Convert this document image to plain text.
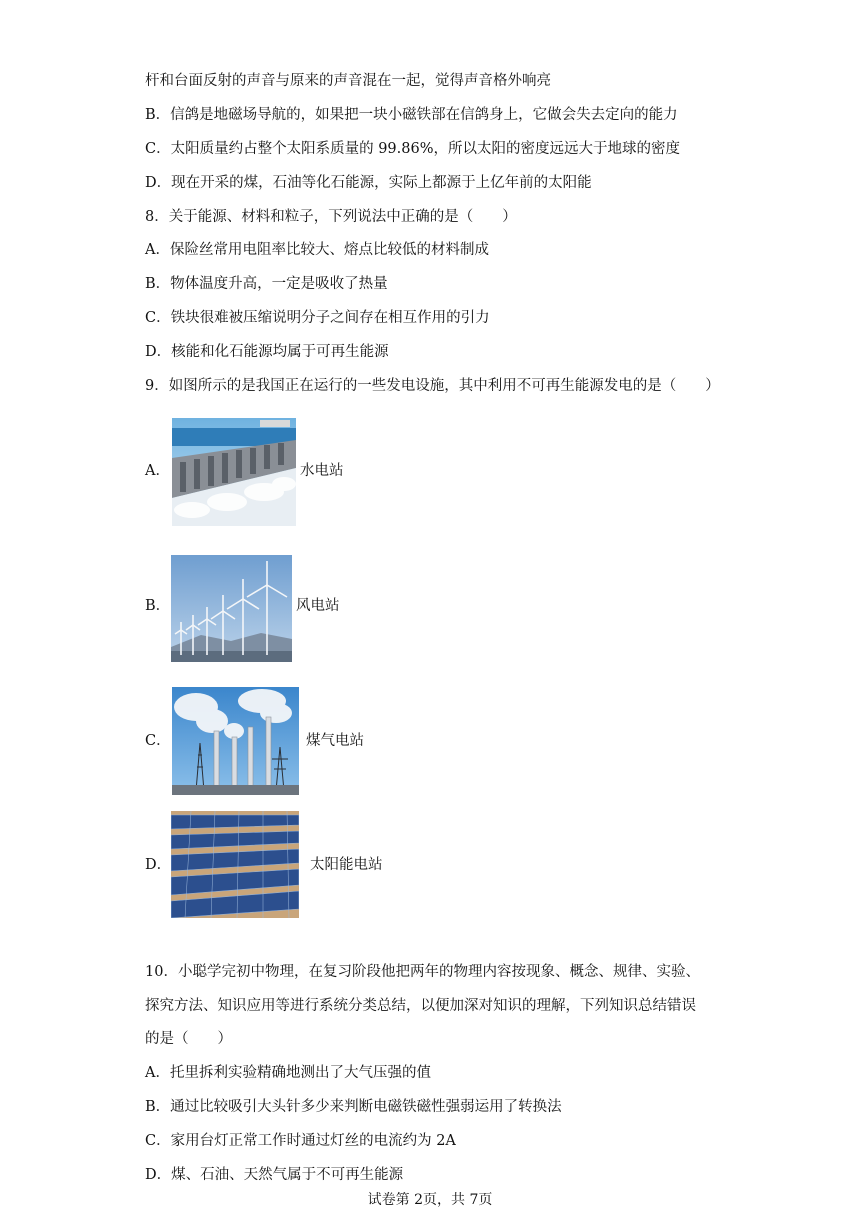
杆和台面反射的声音与原来的声音混在一起，觉得声音格外响亮
B．信鸽是地磁场导航的，如果把一块小磁铁部在信鸽身上，它做会失去定向的能力
C．太阳质量约占整个太阳系质量的 99.86%，所以太阳的密度远远大于地球的密度
D．现在开采的煤，石油等化石能源，实际上都源于上亿年前的太阳能
8．关于能源、材料和粒子，下列说法中正确的是（　　）
A．保险丝常用电阻率比较大、熔点比较低的材料制成
B．物体温度升高，一定是吸收了热量
C．铁块很难被压缩说明分子之间存在相互作用的引力
D．核能和化石能源均属于可再生能源
9．如图所示的是我国正在运行的一些发电设施，其中利用不可再生能源发电的是（　　）
A．	水电站
B．	风电站
C．	煤气电站
D．	太阳能电站
10．小聪学完初中物理，在复习阶段他把两年的物理内容按现象、概念、规律、实验、
探究方法、知识应用等进行系统分类总结，以便加深对知识的理解，下列知识总结错误
的是（　　）
A．托里拆利实验精确地测出了大气压强的值
B．通过比较吸引大头针多少来判断电磁铁磁性强弱运用了转换法
C．家用台灯正常工作时通过灯丝的电流约为 2A
D．煤、石油、天然气属于不可再生能源
试卷第 2页，共 7页
